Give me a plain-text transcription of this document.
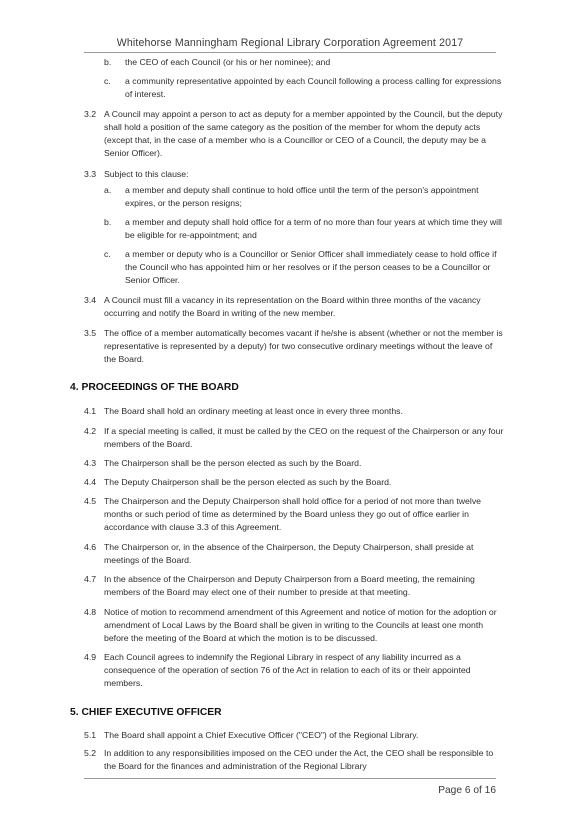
Whitehorse Manningham Regional Library Corporation Agreement 2017
b. the CEO of each Council (or his or her nominee); and
c. a community representative appointed by each Council following a process calling for expressions of interest.
3.2 A Council may appoint a person to act as deputy for a member appointed by the Council, but the deputy shall hold a position of the same category as the position of the member for whom the deputy acts (except that, in the case of a member who is a Councillor or CEO of a Council, the deputy may be a Senior Officer).
3.3 Subject to this clause:
a. a member and deputy shall continue to hold office until the term of the person's appointment expires, or the person resigns;
b. a member and deputy shall hold office for a term of no more than four years at which time they will be eligible for re-appointment; and
c. a member or deputy who is a Councillor or Senior Officer shall immediately cease to hold office if the Council who has appointed him or her resolves or if the person ceases to be a Councillor or Senior Officer.
3.4 A Council must fill a vacancy in its representation on the Board within three months of the vacancy occurring and notify the Board in writing of the new member.
3.5 The office of a member automatically becomes vacant if he/she is absent (whether or not the member is representative is represented by a deputy) for two consecutive ordinary meetings without the leave of the Board.
4. PROCEEDINGS OF THE BOARD
4.1 The Board shall hold an ordinary meeting at least once in every three months.
4.2 If a special meeting is called, it must be called by the CEO on the request of the Chairperson or any four members of the Board.
4.3 The Chairperson shall be the person elected as such by the Board.
4.4 The Deputy Chairperson shall be the person elected as such by the Board.
4.5 The Chairperson and the Deputy Chairperson shall hold office for a period of not more than twelve months or such period of time as determined by the Board unless they go out of office earlier in accordance with clause 3.3 of this Agreement.
4.6 The Chairperson or, in the absence of the Chairperson, the Deputy Chairperson, shall preside at meetings of the Board.
4.7 In the absence of the Chairperson and Deputy Chairperson from a Board meeting, the remaining members of the Board may elect one of their number to preside at that meeting.
4.8 Notice of motion to recommend amendment of this Agreement and notice of motion for the adoption or amendment of Local Laws by the Board shall be given in writing to the Councils at least one month before the meeting of the Board at which the motion is to be discussed.
4.9 Each Council agrees to indemnify the Regional Library in respect of any liability incurred as a consequence of the operation of section 76 of the Act in relation to each of its or their appointed members.
5. CHIEF EXECUTIVE OFFICER
5.1 The Board shall appoint a Chief Executive Officer ("CEO") of the Regional Library.
5.2 In addition to any responsibilities imposed on the CEO under the Act, the CEO shall be responsible to the Board for the finances and administration of the Regional Library
Page 6 of 16
